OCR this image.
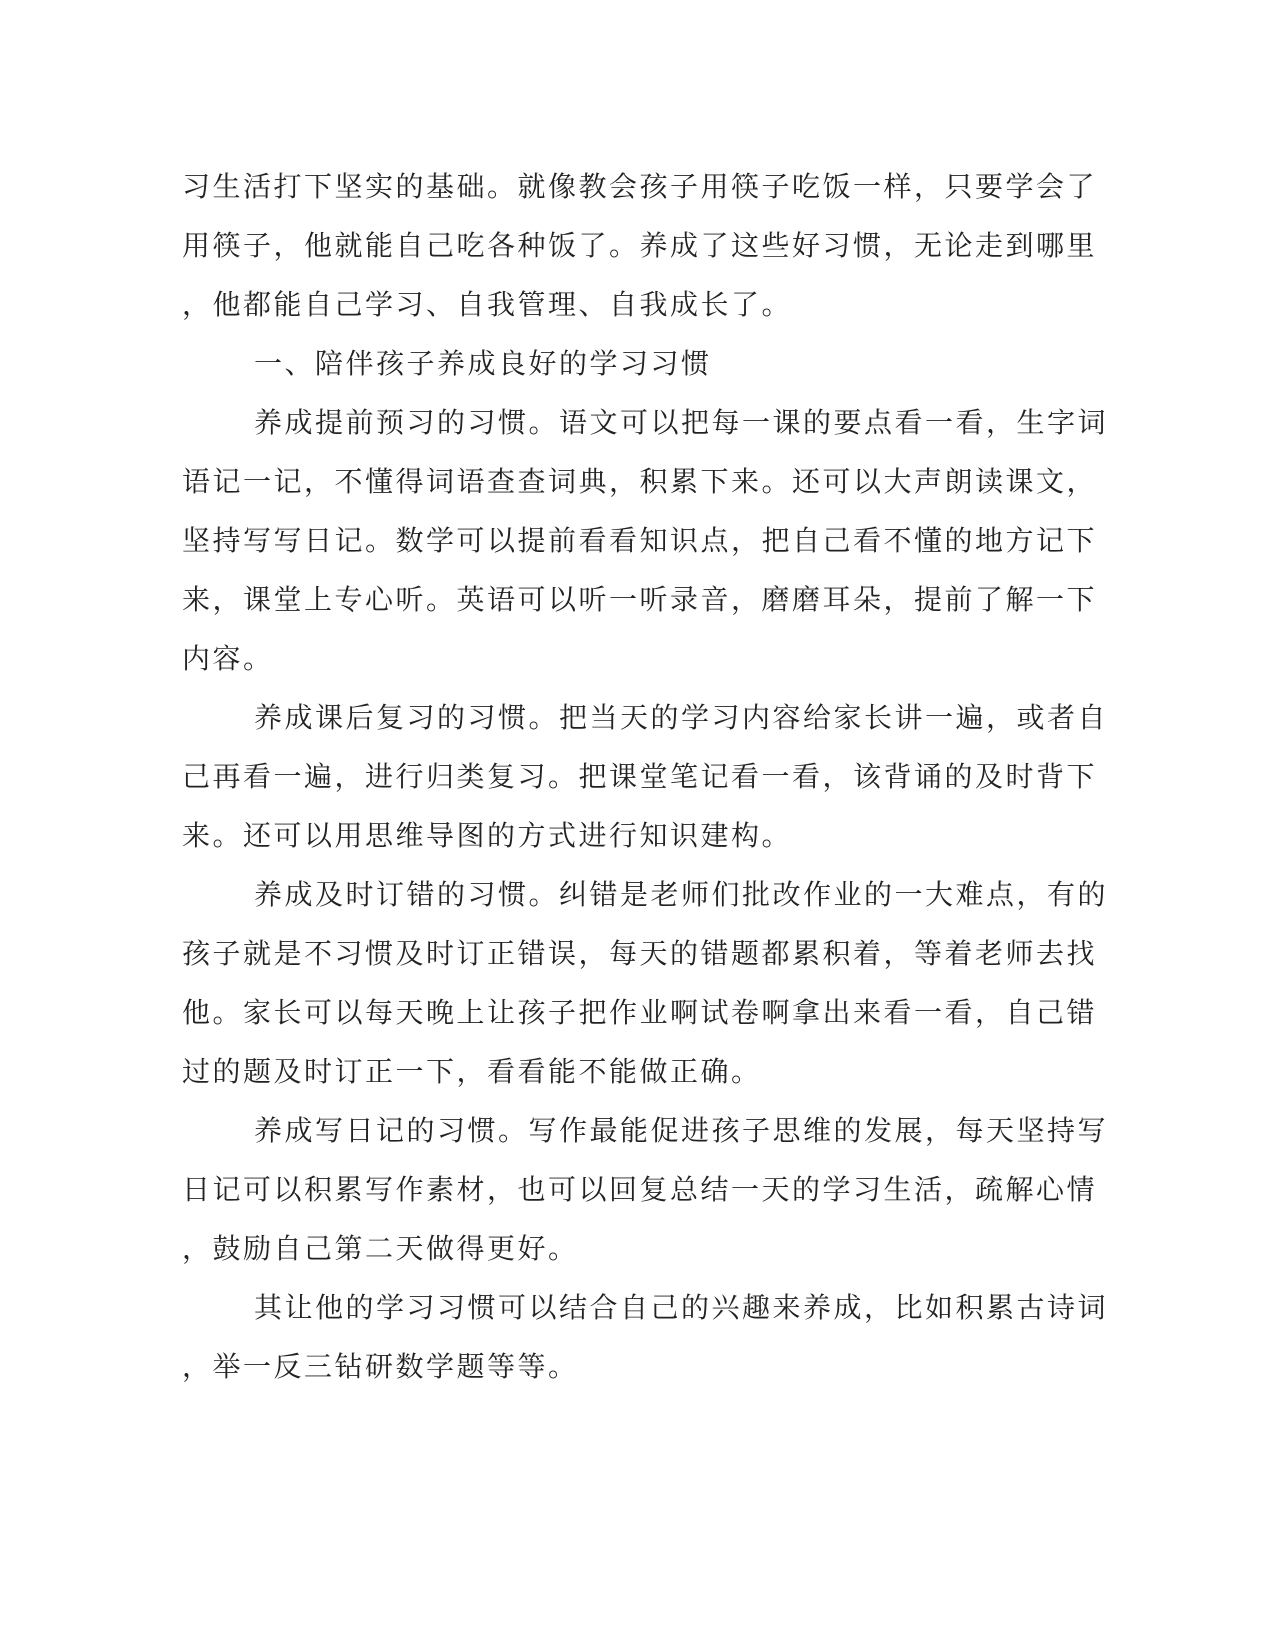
习生活打下坚实的基础。就像教会孩子用筷子吃饭一样，只要学会了
用筷子，他就能自己吃各种饭了。养成了这些好习惯，无论走到哪里
，他都能自己学习、自我管理、自我成长了。
一、陪伴孩子养成良好的学习习惯
养成提前预习的习惯。语文可以把每一课的要点看一看，生字词
语记一记，不懂得词语查查词典，积累下来。还可以大声朗读课文，
坚持写写日记。数学可以提前看看知识点，把自己看不懂的地方记下
来，课堂上专心听。英语可以听一听录音，磨磨耳朵，提前了解一下
内容。
养成课后复习的习惯。把当天的学习内容给家长讲一遍，或者自
己再看一遍，进行归类复习。把课堂笔记看一看，该背诵的及时背下
来。还可以用思维导图的方式进行知识建构。
养成及时订错的习惯。纠错是老师们批改作业的一大难点，有的
孩子就是不习惯及时订正错误，每天的错题都累积着，等着老师去找
他。家长可以每天晚上让孩子把作业啊试卷啊拿出来看一看，自己错
过的题及时订正一下，看看能不能做正确。
养成写日记的习惯。写作最能促进孩子思维的发展，每天坚持写
日记可以积累写作素材，也可以回复总结一天的学习生活，疏解心情
，鼓励自己第二天做得更好。
其让他的学习习惯可以结合自己的兴趣来养成，比如积累古诗词
，举一反三钻研数学题等等。
